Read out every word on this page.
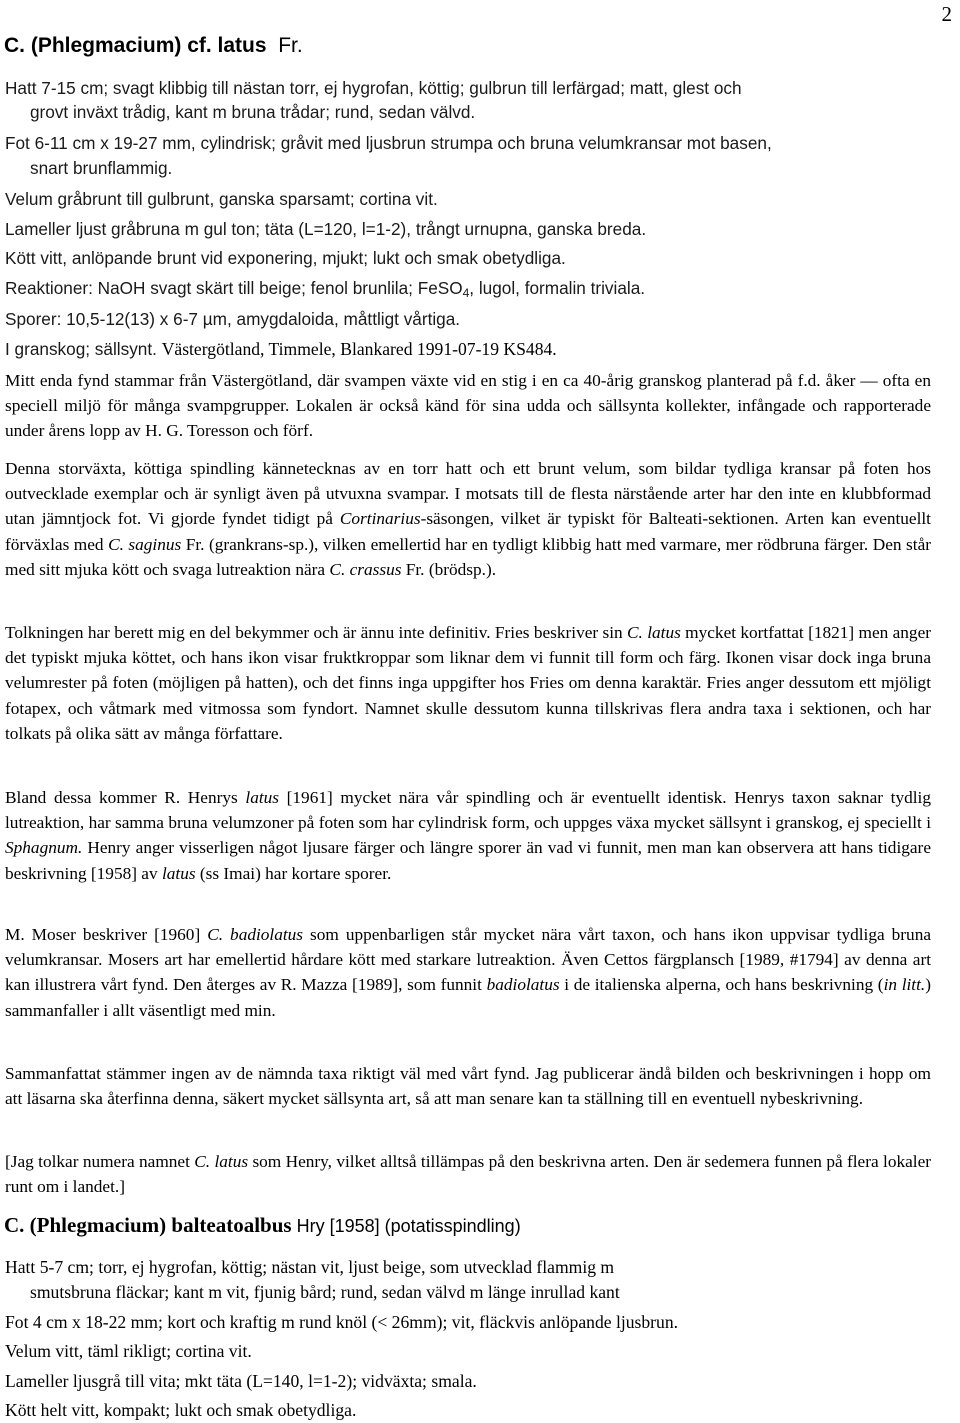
2
C. (Phlegmacium) cf. latus Fr.
Hatt 7-15 cm; svagt klibbig till nästan torr, ej hygrofan, köttig; gulbrun till lerfärgad; matt, glest och
grovt inväxt trådig, kant m bruna trådar; rund, sedan välvd.
Fot 6-11 cm x 19-27 mm, cylindrisk; gråvit med ljusbrun strumpa och bruna velumkransar mot basen,
snart brunflammig.
Velum gråbrunt till gulbrunt, ganska sparsamt; cortina vit.
Lameller ljust gråbruna m gul ton; täta (L=120, l=1-2), trångt urnupna, ganska breda.
Kött vitt, anlöpande brunt vid exponering, mjukt; lukt och smak obetydliga.
Reaktioner: NaOH svagt skärt till beige; fenol brunlila; FeSO$_4$, lugol, formalin triviala.
Sporer: 10,5-12(13) x 6-7 µm, amygdaloida, måttligt vårtiga.
I granskog; sällsynt. Västergötland, Timmele, Blankared 1991-07-19 KS484.

Mitt enda fynd stammar från Västergötland, där svampen växte vid en stig i en ca 40-årig granskog planterad på f.d. åker — ofta en speciell miljö för många svampgrupper. Lokalen är också känd för sina udda och sällsynta kollekter, infångade och rapporterade under årens lopp av H. G. Toresson och förf.

Denna storväxta, köttiga spindling kännetecknas av en torr hatt och ett brunt velum, som bildar tydliga kransar på foten hos outvecklade exemplar och är synligt även på utvuxna svampar. I motsats till de flesta närstående arter har den inte en klubbformad utan jämntjock fot. Vi gjorde fyndet tidigt på Cortinarius-säsongen, vilket är typiskt för Balteati-sektionen. Arten kan eventuellt förväxlas med C. saginus Fr. (grankrans-sp.), vilken emellertid har en tydligt klibbig hatt med varmare, mer rödbruna färger. Den står med sitt mjuka kött och svaga lutreaktion nära C. crassus Fr. (brödsp.).

Tolkningen har berett mig en del bekymmer och är ännu inte definitiv. Fries beskriver sin C. latus mycket kortfattat [1821] men anger det typiskt mjuka köttet, och hans ikon visar fruktkroppar som liknar dem vi funnit till form och färg. Ikonen visar dock inga bruna velumrester på foten (möjligen på hatten), och det finns inga uppgifter hos Fries om denna karaktär. Fries anger dessutom ett mjöligt fotapex, och våtmark med vitmossa som fyndort. Namnet skulle dessutom kunna tillskrivas flera andra taxa i sektionen, och har tolkats på olika sätt av många författare.

Bland dessa kommer R. Henrys latus [1961] mycket nära vår spindling och är eventuellt identisk. Henrys taxon saknar tydlig lutreaktion, har samma bruna velumzoner på foten som har cylindrisk form, och uppges växa mycket sällsynt i granskog, ej speciellt i Sphagnum. Henry anger visserligen något ljusare färger och längre sporer än vad vi funnit, men man kan observera att hans tidigare beskrivning [1958] av latus (ss Imai) har kortare sporer.

M. Moser beskriver [1960] C. badiolatus som uppenbarligen står mycket nära vårt taxon, och hans ikon uppvisar tydliga bruna velumkransar. Mosers art har emellertid hårdare kött med starkare lutreaktion. Även Cettos färgplansch [1989, #1794] av denna art kan illustrera vårt fynd. Den återges av R. Mazza [1989], som funnit badiolatus i de italienska alperna, och hans beskrivning (in litt.) sammanfaller i allt väsentligt med min.

Sammanfattat stämmer ingen av de nämnda taxa riktigt väl med vårt fynd. Jag publicerar ändå bilden och beskrivningen i hopp om att läsarna ska återfinna denna, säkert mycket sällsynta art, så att man senare kan ta ställning till en eventuell nybeskrivning.

[Jag tolkar numera namnet C. latus som Henry, vilket alltså tillämpas på den beskrivna arten. Den är sedemera funnen på flera lokaler runt om i landet.]

C. (Phlegmacium) balteatoalbus Hry [1958] (potatisspindling)
Hatt 5-7 cm; torr, ej hygrofan, köttig; nästan vit, ljust beige, som utvecklad flammig m
smutsbruna fläckar; kant m vit, fjunig bård; rund, sedan välvd m länge inrullad kant
Fot 4 cm x 18-22 mm; kort och kraftig m rund knöl (< 26mm); vit, fläckvis anlöpande ljusbrun.
Velum vitt, täml rikligt; cortina vit.
Lameller ljusgrå till vita; mkt täta (L=140, l=1-2); vidväxta; smala.
Kött helt vitt, kompakt; lukt och smak obetydliga.
